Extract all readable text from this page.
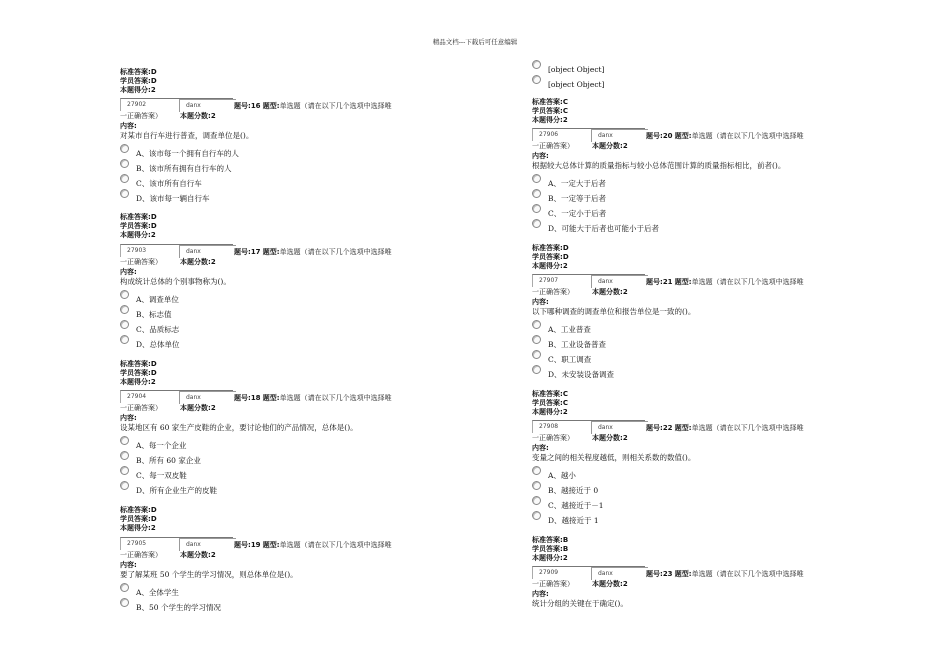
精品文档---下载后可任意编辑
标准答案:D
学员答案:D
本题得分:2
27902	danx	题号:16 题型:单选题（请在以下几个选项中选择唯
一正确答案）	本题分数:2
内容:
对某市自行车进行普查，调查单位是()。
A、该市每一个拥有自行车的人
B、该市所有拥有自行车的人
C、该市所有自行车
D、该市每一辆自行车
标准答案:D
学员答案:D
本题得分:2
27903	danx	题号:17 题型:单选题（请在以下几个选项中选择唯
一正确答案）	本题分数:2
内容:
构成统计总体的个别事物称为()。
A、调查单位
B、标志值
C、品质标志
D、总体单位
标准答案:D
学员答案:D
本题得分:2
27904	danx	题号:18 题型:单选题（请在以下几个选项中选择唯
一正确答案）	本题分数:2
内容:
设某地区有 60 家生产皮鞋的企业，要讨论他们的产品情况，总体是()。
A、每一个企业
B、所有 60 家企业
C、每一双皮鞋
D、所有企业生产的皮鞋
标准答案:D
学员答案:D
本题得分:2
27905	danx	题号:19 题型:单选题（请在以下几个选项中选择唯
一正确答案）	本题分数:2
内容:
要了解某班 50 个学生的学习情况，则总体单位是()。
A、全体学生
B、50 个学生的学习情况
[object Object]
[object Object]
标准答案:C
学员答案:C
本题得分:2
27906	danx	题号:20 题型:单选题（请在以下几个选项中选择唯
一正确答案）	本题分数:2
内容:
根据较大总体计算的质量指标与较小总体范围计算的质量指标相比，前者()。
A、一定大于后者
B、一定等于后者
C、一定小于后者
D、可能大于后者也可能小于后者
标准答案:D
学员答案:D
本题得分:2
27907	danx	题号:21 题型:单选题（请在以下几个选项中选择唯
一正确答案）	本题分数:2
内容:
以下哪种调查的调查单位和报告单位是一致的()。
A、工业普查
B、工业设备普查
C、职工调查
D、未安装设备调查
标准答案:C
学员答案:C
本题得分:2
27908	danx	题号:22 题型:单选题（请在以下几个选项中选择唯
一正确答案）	本题分数:2
内容:
变量之间的相关程度越低，则相关系数的数值()。
A、越小
B、越接近于 0
C、越接近于－1
D、越接近于 1
标准答案:B
学员答案:B
本题得分:2
27909	danx	题号:23 题型:单选题（请在以下几个选项中选择唯
一正确答案）	本题分数:2
内容:
统计分组的关键在于确定()。
